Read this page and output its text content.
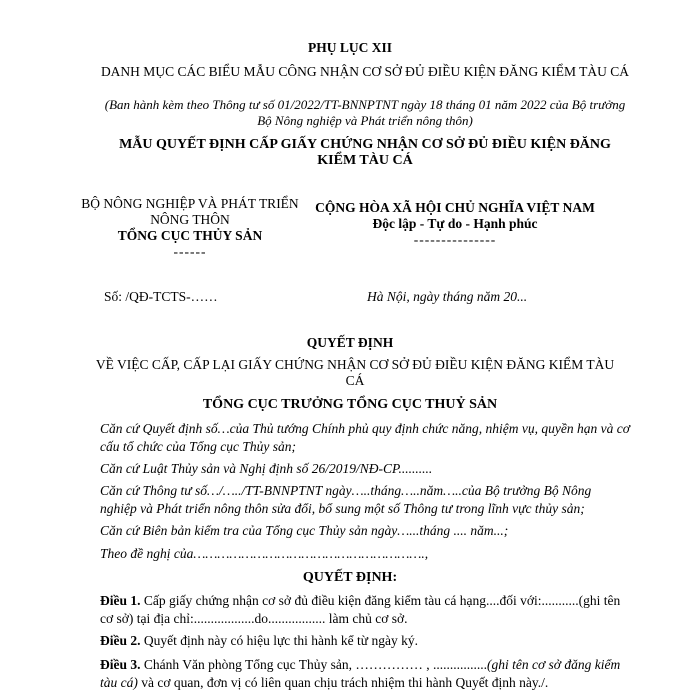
PHỤ LỤC XII
DANH MỤC CÁC BIỂU MẪU CÔNG NHẬN CƠ SỞ ĐỦ ĐIỀU KIỆN ĐĂNG KIỂM TÀU CÁ
(Ban hành kèm theo Thông tư số 01/2022/TT-BNNPTNT ngày 18 tháng 01 năm 2022 của Bộ trưởng Bộ Nông nghiệp và Phát triển nông thôn)
MẪU QUYẾT ĐỊNH CẤP GIẤY CHỨNG NHẬN CƠ SỞ ĐỦ ĐIỀU KIỆN ĐĂNG KIỂM TÀU CÁ
BỘ NÔNG NGHIỆP VÀ PHÁT TRIỂN NÔNG THÔN
TỔNG CỤC THỦY SẢN
------
CỘNG HÒA XÃ HỘI CHỦ NGHĨA VIỆT NAM
Độc lập - Tự do - Hạnh phúc
---------------
Số: /QĐ-TCTS-……	Hà Nội, ngày tháng năm 20...
QUYẾT ĐỊNH
VỀ VIỆC CẤP, CẤP LẠI GIẤY CHỨNG NHẬN CƠ SỞ ĐỦ ĐIỀU KIỆN ĐĂNG KIỂM TÀU CÁ
TỔNG CỤC TRƯỞNG TỔNG CỤC THUỶ SẢN
Căn cứ Quyết định số…của Thủ tướng Chính phủ quy định chức năng, nhiệm vụ, quyền hạn và cơ cấu tổ chức của Tổng cục Thủy sản;
Căn cứ Luật Thủy sản và Nghị định số 26/2019/NĐ-CP..........
Căn cứ Thông tư số…/…../TT-BNNPTNT ngày…..tháng…..năm…..của Bộ trưởng Bộ Nông nghiệp và Phát triển nông thôn sửa đổi, bổ sung một số Thông tư trong lĩnh vực thủy sản;
Căn cứ Biên bản kiểm tra của Tổng cục Thủy sản ngày…...tháng .... năm...;
Theo đề nghị của………………………………………………….,
QUYẾT ĐỊNH:
Điều 1. Cấp giấy chứng nhận cơ sở đủ điều kiện đăng kiểm tàu cá hạng....đối với:...........(ghi tên cơ sở) tại địa chỉ:..................do................. làm chủ cơ sở.
Điều 2. Quyết định này có hiệu lực thi hành kể từ ngày ký.
Điều 3. Chánh Văn phòng Tổng cục Thủy sản, …………… , ................(ghi tên cơ sở đăng kiểm tàu cá) và cơ quan, đơn vị có liên quan chịu trách nhiệm thi hành Quyết định này./.
